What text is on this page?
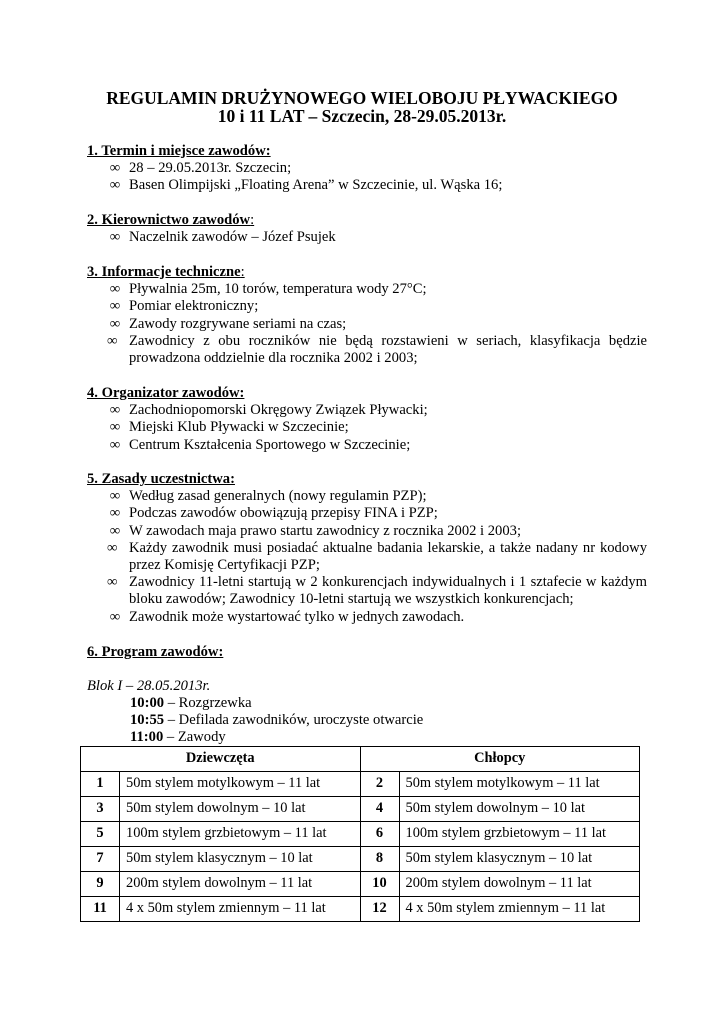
REGULAMIN DRUŻYNOWEGO WIELOBOJU PŁYWACKIEGO
10 i 11 LAT – Szczecin, 28-29.05.2013r.
1. Termin i miejsce zawodów:
∞ 28 – 29.05.2013r. Szczecin;
∞ Basen Olimpijski „Floating Arena” w Szczecinie, ul. Wąska 16;
2. Kierownictwo zawodów:
∞ Naczelnik zawodów – Józef Psujek
3. Informacje techniczne:
∞ Pływalnia 25m, 10 torów, temperatura wody 27°C;
∞ Pomiar elektroniczny;
∞ Zawody rozgrywane seriami na czas;
∞ Zawodnicy z obu roczników nie będą rozstawieni w seriach, klasyfikacja będzie prowadzona oddzielnie dla rocznika 2002 i 2003;
4. Organizator zawodów:
∞ Zachodniopomorski Okręgowy Związek Pływacki;
∞ Miejski Klub Pływacki w Szczecinie;
∞ Centrum Kształcenia Sportowego w Szczecinie;
5. Zasady uczestnictwa:
∞ Według zasad generalnych (nowy regulamin PZP);
∞ Podczas zawodów obowiązują przepisy FINA i PZP;
∞ W zawodach maja prawo startu zawodnicy z rocznika 2002 i 2003;
∞ Każdy zawodnik musi posiadać aktualne badania lekarskie, a także nadany nr kodowy przez Komisję Certyfikacji PZP;
∞ Zawodnicy 11-letni startują w 2 konkurencjach indywidualnych i 1 sztafecie w każdym bloku zawodów; Zawodnicy 10-letni startują we wszystkich konkurencjach;
∞ Zawodnik może wystartować tylko w jednych zawodach.
6. Program zawodów:
Blok I – 28.05.2013r.
10:00 – Rozgrzewka
10:55 – Defilada zawodników, uroczyste otwarcie
11:00 – Zawody
Dziewczęta		Chłopcy	
1	50m stylem motylkowym – 11 lat	2	50m stylem motylkowym – 11 lat
3	50m stylem dowolnym – 10 lat	4	50m stylem dowolnym – 10 lat
5	100m stylem grzbietowym – 11 lat	6	100m stylem grzbietowym – 11 lat
7	50m stylem klasycznym – 10 lat	8	50m stylem klasycznym – 10 lat
9	200m stylem dowolnym – 11 lat	10	200m stylem dowolnym – 11 lat
11	4 x 50m stylem zmiennym – 11 lat	12	4 x 50m stylem zmiennym – 11 lat
